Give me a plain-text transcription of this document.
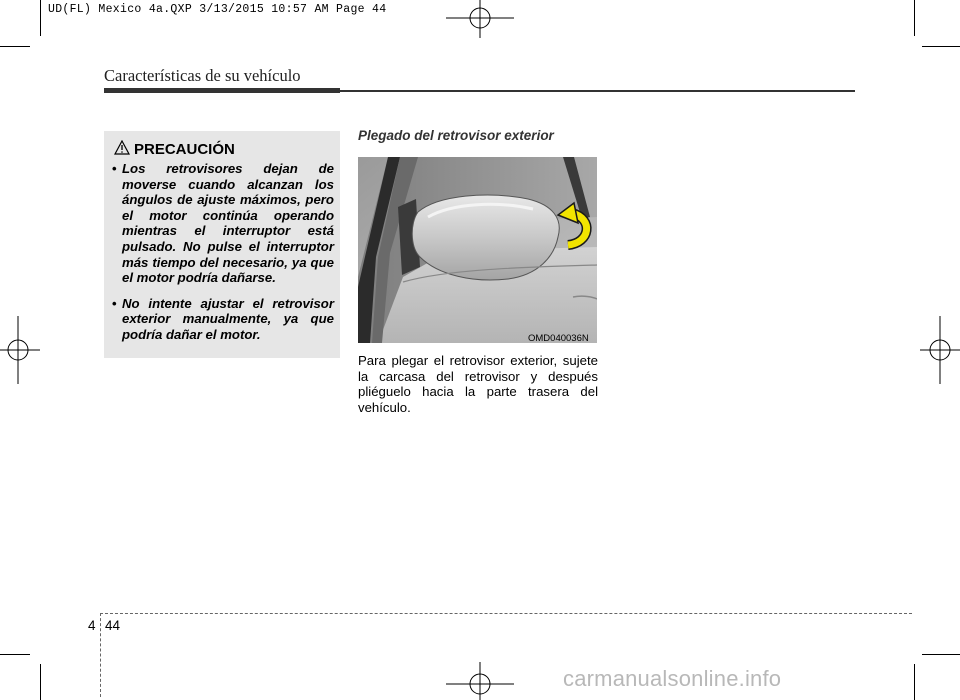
UD(FL) Mexico 4a.QXP 3/13/2015 10:57 AM Page 44
Características de su vehículo
PRECAUCIÓN
• Los retrovisores dejan de moverse cuando alcanzan los ángulos de ajuste máximos, pero el motor continúa operando mientras el interruptor está pulsado. No pulse el interruptor más tiempo del necesario, ya que el motor podría dañarse.
• No intente ajustar el retrovisor exterior manualmente, ya que podría dañar el motor.
Plegado del retrovisor exterior
OMD040036N
Para plegar el retrovisor exterior, sujete la carcasa del retrovisor y después pliéguelo hacia la parte trasera del vehículo.
4 44
carmanualsonline.info
